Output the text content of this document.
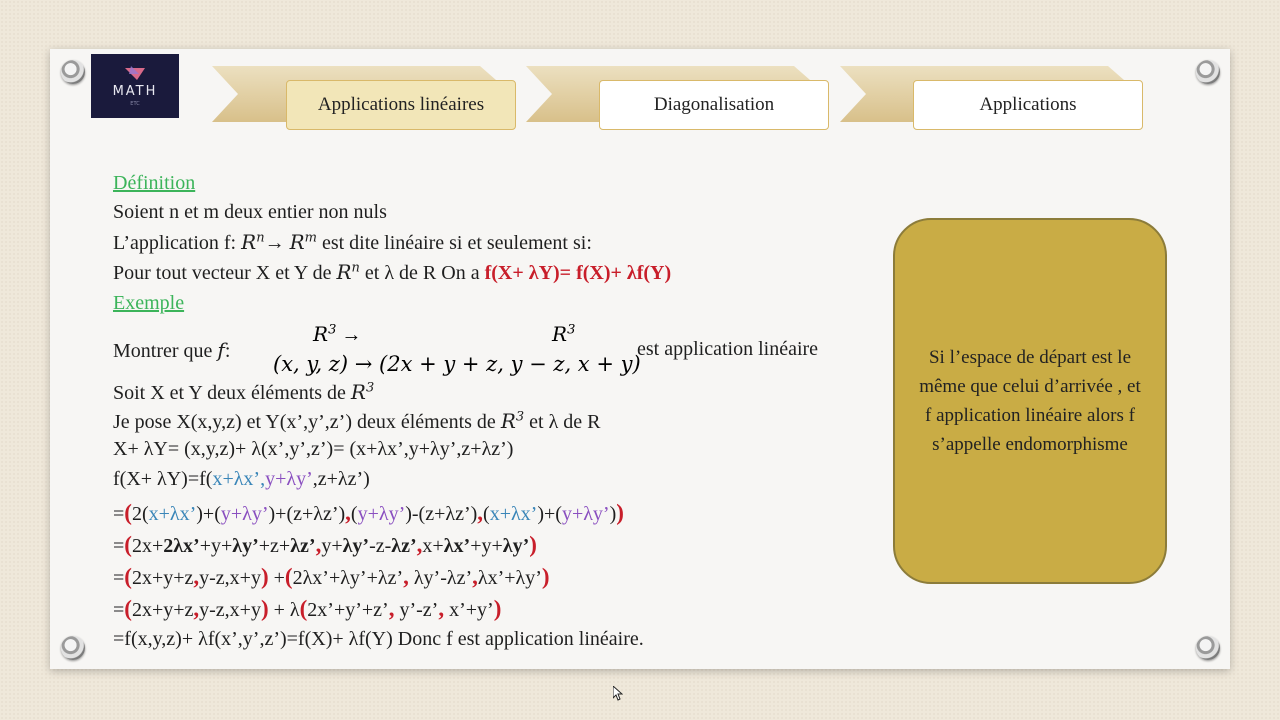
MATH
ETC	Applications linéaires	Diagonalisation	Applications
Définition
Soient n et m deux entier non nuls
L’application f: $R^n\to R^m$ est dite linéaire si et seulement si:
Pour tout vecteur X et Y de $R^n$ et λ de R On a f(X+ λY)= f(X)+ λf(Y)
Exemple
Montrer que f:
$R^3$ →	$R^3$
(x, y, z) → (2x + y + z, y − z, x + y)
est application linéaire
Soit X et Y deux éléments de $R^3$
Je pose X(x,y,z) et Y(x’,y’,z’) deux éléments de $R^3$ et λ de R
X+ λY= (x,y,z)+ λ(x’,y’,z’)= (x+λx’,y+λy’,z+λz’)
f(X+ λY)=f(x+λx’,y+λy’,z+λz’)
=(2(x+λx’)+(y+λy’)+(z+λz’),(y+λy’)-(z+λz’),(x+λx’)+(y+λy’))
=(2x+2λx’+y+λy’+z+λz’,y+λy’-z-λz’,x+λx’+y+λy’)
=(2x+y+z,y-z,x+y) +(2λx’+λy’+λz’, λy’-λz’,λx’+λy’)
=(2x+y+z,y-z,x+y) + λ(2x’+y’+z’, y’-z’, x’+y’)
=f(x,y,z)+ λf(x’,y’,z’)=f(X)+ λf(Y) Donc f est application linéaire.
Si l’espace de départ est le même que celui d’arrivée , et f application linéaire alors f s’appelle endomorphisme
